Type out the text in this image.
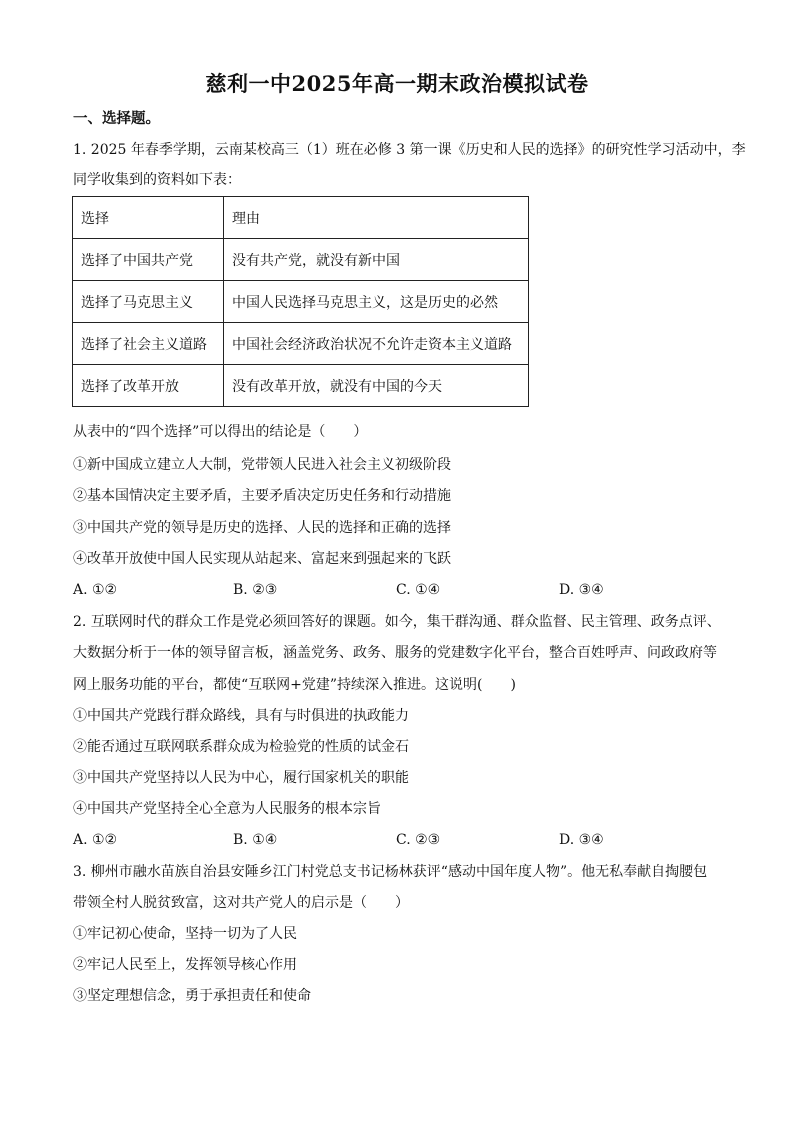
慈利一中2025年高一期末政治模拟试卷
一、选择题。
1. 2025 年春季学期，云南某校高三（1）班在必修 3 第一课《历史和人民的选择》的研究性学习活动中，李
同学收集到的资料如下表：
选择	理由
选择了中国共产党	没有共产党，就没有新中国
选择了马克思主义	中国人民选择马克思主义，这是历史的必然
选择了社会主义道路	中国社会经济政治状况不允许走资本主义道路
选择了改革开放	没有改革开放，就没有中国的今天
从表中的“四个选择”可以得出的结论是（　　）
①新中国成立建立人大制，党带领人民进入社会主义初级阶段
②基本国情决定主要矛盾，主要矛盾决定历史任务和行动措施
③中国共产党的领导是历史的选择、人民的选择和正确的选择
④改革开放使中国人民实现从站起来、富起来到强起来的飞跃
A. ①②	B. ②③	C. ①④	D. ③④
2. 互联网时代的群众工作是党必须回答好的课题。如今，集干群沟通、群众监督、民主管理、政务点评、
大数据分析于一体的领导留言板，涵盖党务、政务、服务的党建数字化平台，整合百姓呼声、问政政府等
网上服务功能的平台，都使“互联网+党建”持续深入推进。这说明(　　)
①中国共产党践行群众路线，具有与时俱进的执政能力
②能否通过互联网联系群众成为检验党的性质的试金石
③中国共产党坚持以人民为中心，履行国家机关的职能
④中国共产党坚持全心全意为人民服务的根本宗旨
A. ①②	B. ①④	C. ②③	D. ③④
3. 柳州市融水苗族自治县安陲乡江门村党总支书记杨林获评“感动中国年度人物”。他无私奉献自掏腰包
带领全村人脱贫致富，这对共产党人的启示是（　　）
①牢记初心使命，坚持一切为了人民
②牢记人民至上，发挥领导核心作用
③坚定理想信念，勇于承担责任和使命
